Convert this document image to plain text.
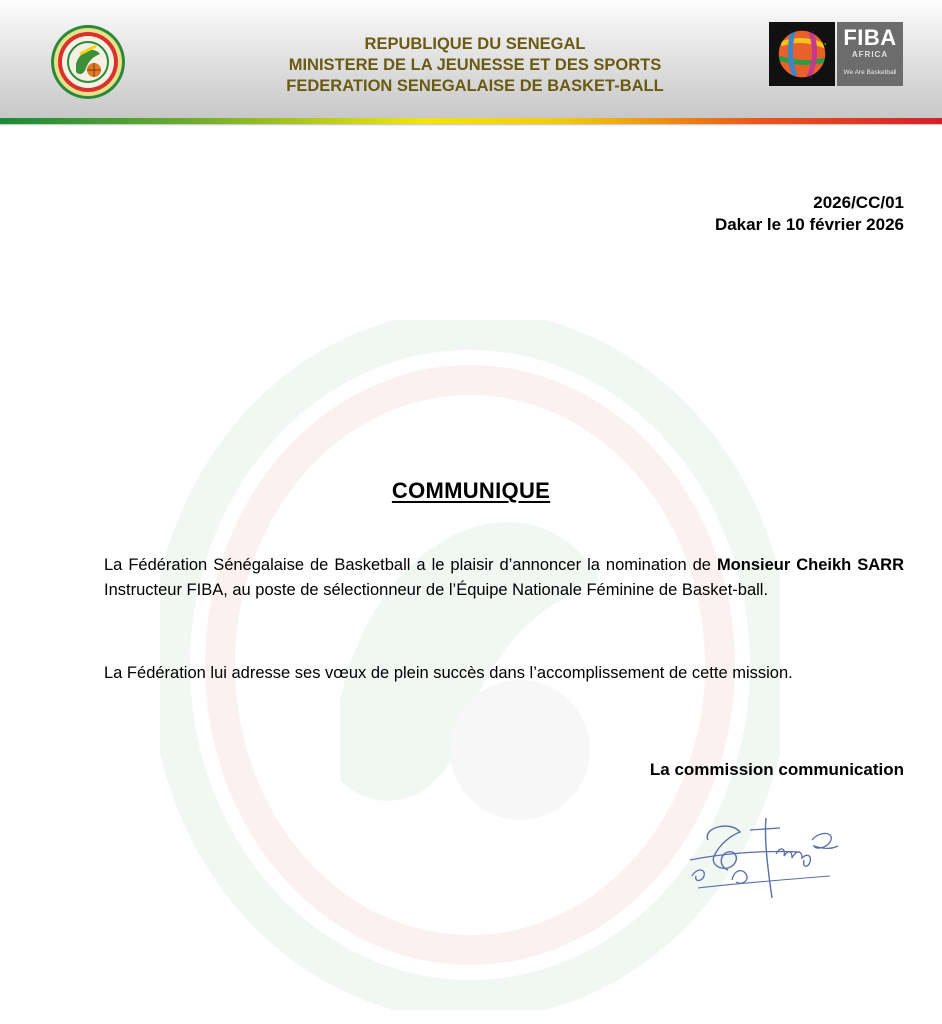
REPUBLIQUE DU SENEGAL
MINISTERE DE LA JEUNESSE ET DES SPORTS
FEDERATION SENEGALAISE DE BASKET-BALL
FIBA
AFRICA
We Are Basketball
2026/CC/01
Dakar le 10 février 2026
COMMUNIQUE
La Fédération Sénégalaise de Basketball a le plaisir d’annoncer la nomination de Monsieur Cheikh SARR Instructeur FIBA, au poste de sélectionneur de l’Équipe Nationale Féminine de Basket-ball.
La Fédération lui adresse ses vœux de plein succès dans l’accomplissement de cette mission.
La commission communication
